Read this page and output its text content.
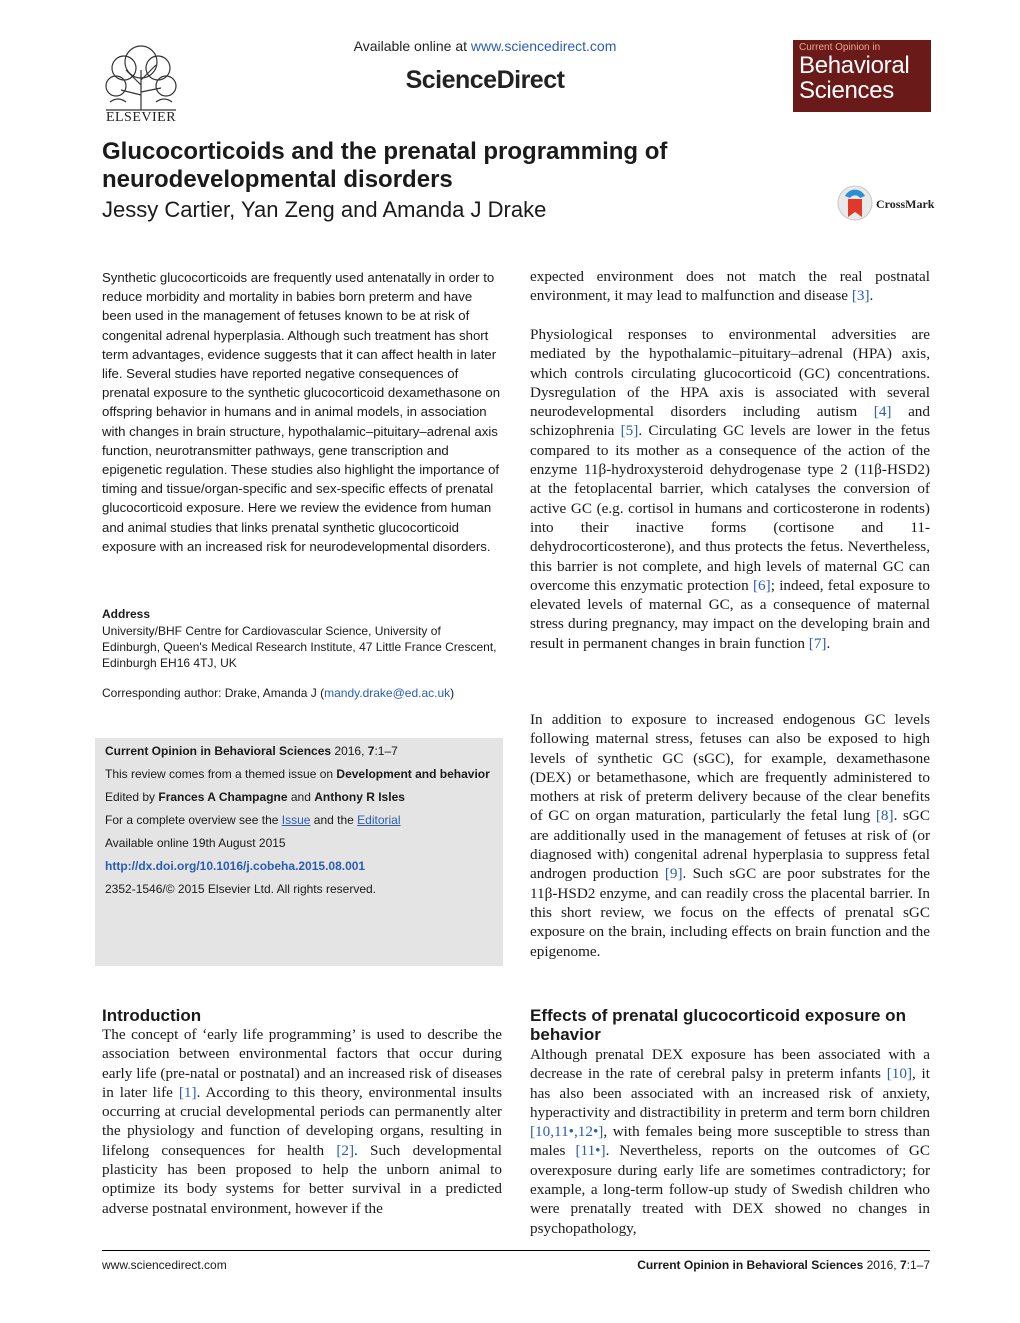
ELSEVIER
Available online at www.sciencedirect.com
ScienceDirect
Current Opinion in
Behavioral
Sciences
Glucocorticoids and the prenatal programming of neurodevelopmental disorders
Jessy Cartier, Yan Zeng and Amanda J Drake	CrossMark
Synthetic glucocorticoids are frequently used antenatally in order to reduce morbidity and mortality in babies born preterm and have been used in the management of fetuses known to be at risk of congenital adrenal hyperplasia. Although such treatment has short term advantages, evidence suggests that it can affect health in later life. Several studies have reported negative consequences of prenatal exposure to the synthetic glucocorticoid dexamethasone on offspring behavior in humans and in animal models, in association with changes in brain structure, hypothalamic–pituitary–adrenal axis function, neurotransmitter pathways, gene transcription and epigenetic regulation. These studies also highlight the importance of timing and tissue/organ-specific and sex-specific effects of prenatal glucocorticoid exposure. Here we review the evidence from human and animal studies that links prenatal synthetic glucocorticoid exposure with an increased risk for neurodevelopmental disorders.
Address
University/BHF Centre for Cardiovascular Science, University of Edinburgh, Queen's Medical Research Institute, 47 Little France Crescent, Edinburgh EH16 4TJ, UK
Corresponding author: Drake, Amanda J (mandy.drake@ed.ac.uk)
Current Opinion in Behavioral Sciences 2016, 7:1–7
This review comes from a themed issue on Development and behavior
Edited by Frances A Champagne and Anthony R Isles
For a complete overview see the Issue and the Editorial
Available online 19th August 2015
http://dx.doi.org/10.1016/j.cobeha.2015.08.001
2352-1546/© 2015 Elsevier Ltd. All rights reserved.
Introduction
The concept of ‘early life programming’ is used to describe the association between environmental factors that occur during early life (pre-natal or postnatal) and an increased risk of diseases in later life [1]. According to this theory, environmental insults occurring at crucial developmental periods can permanently alter the physiology and function of developing organs, resulting in lifelong consequences for health [2]. Such developmental plasticity has been proposed to help the unborn animal to optimize its body systems for better survival in a predicted adverse postnatal environment, however if the
expected environment does not match the real postnatal environment, it may lead to malfunction and disease [3].
Physiological responses to environmental adversities are mediated by the hypothalamic–pituitary–adrenal (HPA) axis, which controls circulating glucocorticoid (GC) concentrations. Dysregulation of the HPA axis is associated with several neurodevelopmental disorders including autism [4] and schizophrenia [5]. Circulating GC levels are lower in the fetus compared to its mother as a consequence of the action of the enzyme 11β-hydroxysteroid dehydrogenase type 2 (11β-HSD2) at the fetoplacental barrier, which catalyses the conversion of active GC (e.g. cortisol in humans and corticosterone in rodents) into their inactive forms (cortisone and 11-dehydrocorticosterone), and thus protects the fetus. Nevertheless, this barrier is not complete, and high levels of maternal GC can overcome this enzymatic protection [6]; indeed, fetal exposure to elevated levels of maternal GC, as a consequence of maternal stress during pregnancy, may impact on the developing brain and result in permanent changes in brain function [7].
In addition to exposure to increased endogenous GC levels following maternal stress, fetuses can also be exposed to high levels of synthetic GC (sGC), for example, dexamethasone (DEX) or betamethasone, which are frequently administered to mothers at risk of preterm delivery because of the clear benefits of GC on organ maturation, particularly the fetal lung [8]. sGC are additionally used in the management of fetuses at risk of (or diagnosed with) congenital adrenal hyperplasia to suppress fetal androgen production [9]. Such sGC are poor substrates for the 11β-HSD2 enzyme, and can readily cross the placental barrier. In this short review, we focus on the effects of prenatal sGC exposure on the brain, including effects on brain function and the epigenome.
Effects of prenatal glucocorticoid exposure on behavior
Although prenatal DEX exposure has been associated with a decrease in the rate of cerebral palsy in preterm infants [10], it has also been associated with an increased risk of anxiety, hyperactivity and distractibility in preterm and term born children [10,11•,12•], with females being more susceptible to stress than males [11•]. Nevertheless, reports on the outcomes of GC overexposure during early life are sometimes contradictory; for example, a long-term follow-up study of Swedish children who were prenatally treated with DEX showed no changes in psychopathology,
www.sciencedirect.com	Current Opinion in Behavioral Sciences 2016, 7:1–7
